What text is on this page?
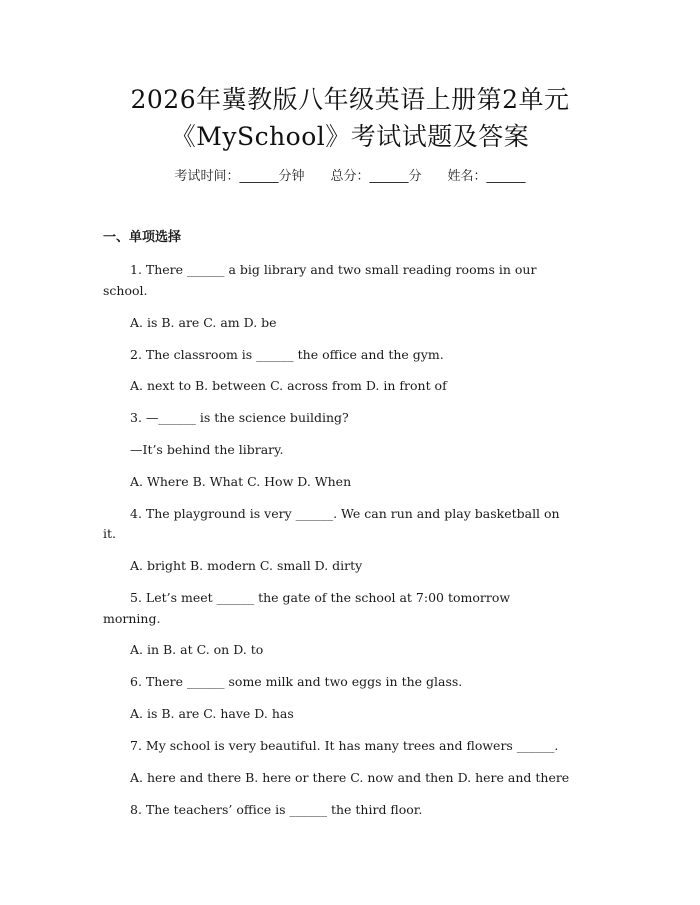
2026年冀教版八年级英语上册第2单元
《MySchool》考试试题及答案
考试时间：______分钟 总分：______分 姓名：______
一、单项选择
1. There ______ a big library and two small reading rooms in our
school.
A. is B. are C. am D. be
2. The classroom is ______ the office and the gym.
A. next to B. between C. across from D. in front of
3. —______ is the science building?
—It’s behind the library.
A. Where B. What C. How D. When
4. The playground is very ______. We can run and play basketball on
it.
A. bright B. modern C. small D. dirty
5. Let’s meet ______ the gate of the school at 7:00 tomorrow
morning.
A. in B. at C. on D. to
6. There ______ some milk and two eggs in the glass.
A. is B. are C. have D. has
7. My school is very beautiful. It has many trees and flowers ______.
A. here and there B. here or there C. now and then D. here and there
8. The teachers’ office is ______ the third floor.
